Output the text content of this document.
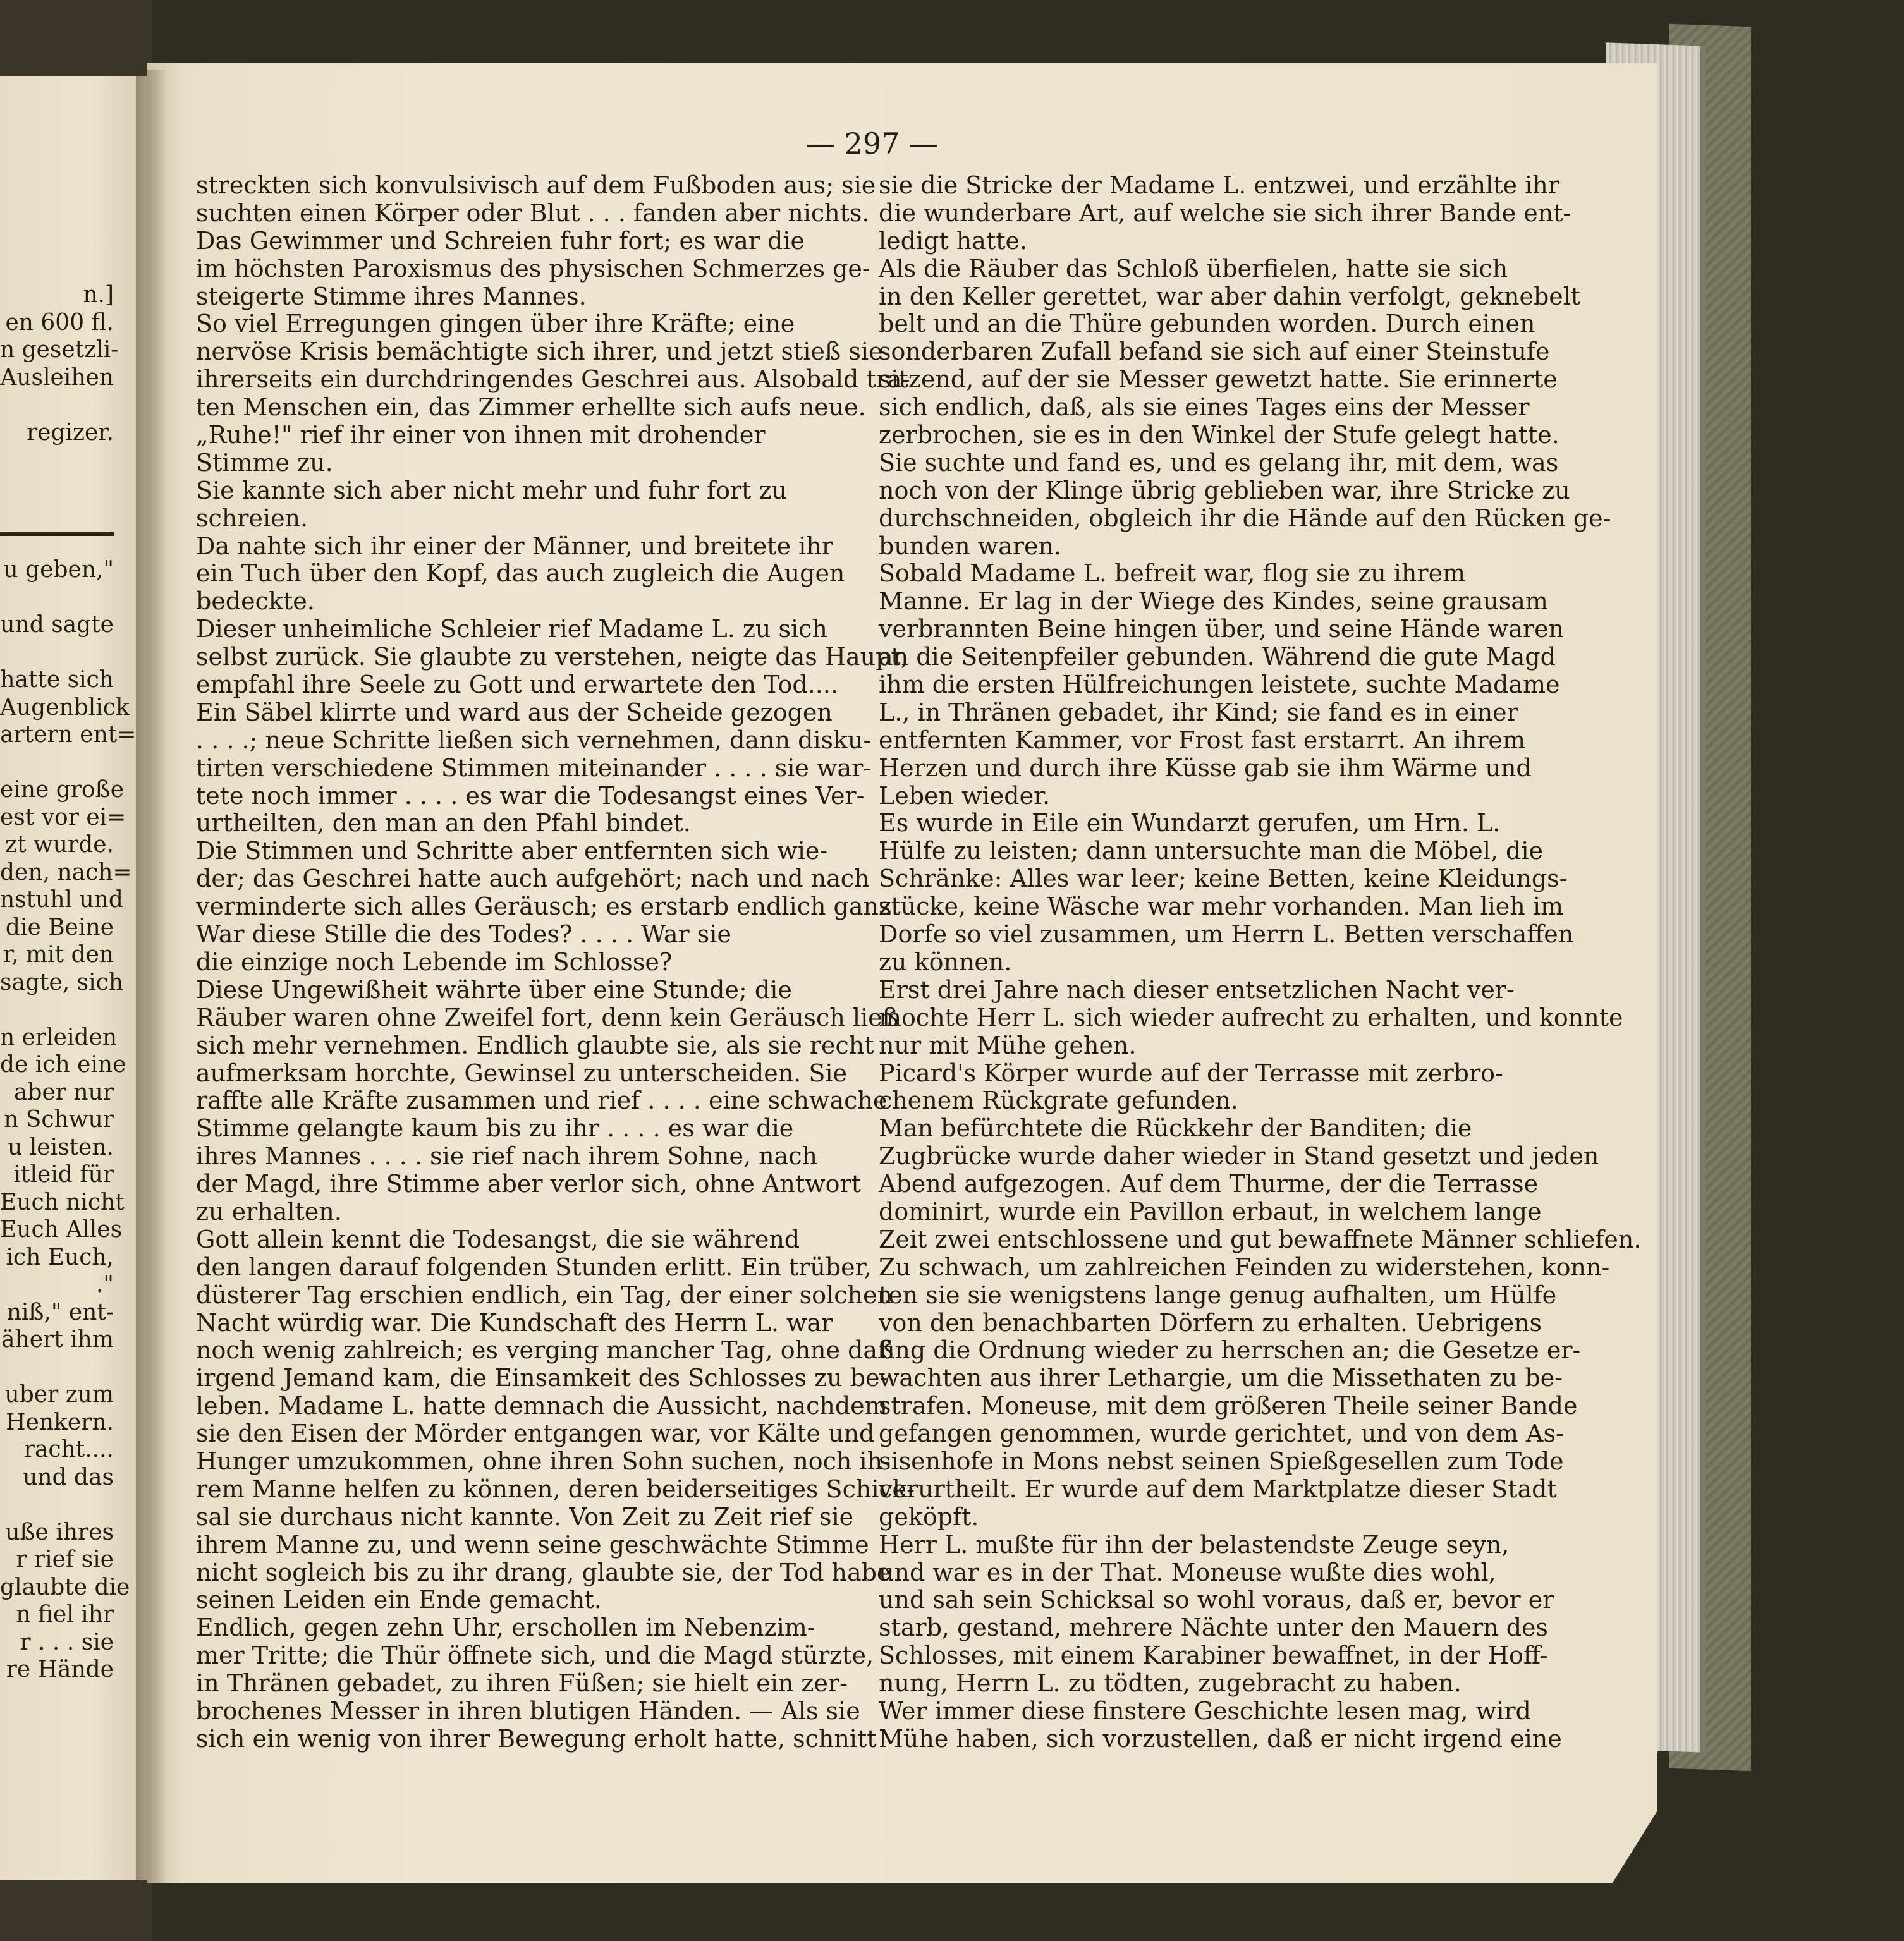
n.]
en 600 fl.
n gesetzli-
Ausleihen
regizer.
u geben,"
und sagte
hatte sich
Augenblick
artern ent=
eine große
est vor ei=
zt wurde.
den, nach=
nstuhl und
die Beine
r, mit den
sagte, sich
n erleiden
de ich eine
aber nur
n Schwur
u leisten.
itleid für
Euch nicht
Euch Alles
ich Euch,
."
niß," ent-
ähert ihm
uber zum
Henkern.
racht....
und das
uße ihres
r rief sie
glaubte die
n fiel ihr
r . . . sie
re Hände
— 297 —
streckten sich konvulsivisch auf dem Fußboden aus; sie
suchten einen Körper oder Blut . . . fanden aber nichts.
Das Gewimmer und Schreien fuhr fort; es war die
im höchsten Paroxismus des physischen Schmerzes ge-
steigerte Stimme ihres Mannes.
So viel Erregungen gingen über ihre Kräfte; eine
nervöse Krisis bemächtigte sich ihrer, und jetzt stieß sie
ihrerseits ein durchdringendes Geschrei aus. Alsobald tra-
ten Menschen ein, das Zimmer erhellte sich aufs neue.
„Ruhe!" rief ihr einer von ihnen mit drohender
Stimme zu.
Sie kannte sich aber nicht mehr und fuhr fort zu
schreien.
Da nahte sich ihr einer der Männer, und breitete ihr
ein Tuch über den Kopf, das auch zugleich die Augen
bedeckte.
Dieser unheimliche Schleier rief Madame L. zu sich
selbst zurück. Sie glaubte zu verstehen, neigte das Haupt,
empfahl ihre Seele zu Gott und erwartete den Tod....
Ein Säbel klirrte und ward aus der Scheide gezogen
. . . .; neue Schritte ließen sich vernehmen, dann disku-
tirten verschiedene Stimmen miteinander . . . . sie war-
tete noch immer . . . . es war die Todesangst eines Ver-
urtheilten, den man an den Pfahl bindet.
Die Stimmen und Schritte aber entfernten sich wie-
der; das Geschrei hatte auch aufgehört; nach und nach
verminderte sich alles Geräusch; es erstarb endlich ganz.
War diese Stille die des Todes? . . . . War sie
die einzige noch Lebende im Schlosse?
Diese Ungewißheit währte über eine Stunde; die
Räuber waren ohne Zweifel fort, denn kein Geräusch ließ
sich mehr vernehmen. Endlich glaubte sie, als sie recht
aufmerksam horchte, Gewinsel zu unterscheiden. Sie
raffte alle Kräfte zusammen und rief . . . . eine schwache
Stimme gelangte kaum bis zu ihr . . . . es war die
ihres Mannes . . . . sie rief nach ihrem Sohne, nach
der Magd, ihre Stimme aber verlor sich, ohne Antwort
zu erhalten.
Gott allein kennt die Todesangst, die sie während
den langen darauf folgenden Stunden erlitt. Ein trüber,
düsterer Tag erschien endlich, ein Tag, der einer solchen
Nacht würdig war. Die Kundschaft des Herrn L. war
noch wenig zahlreich; es verging mancher Tag, ohne daß
irgend Jemand kam, die Einsamkeit des Schlosses zu be-
leben. Madame L. hatte demnach die Aussicht, nachdem
sie den Eisen der Mörder entgangen war, vor Kälte und
Hunger umzukommen, ohne ihren Sohn suchen, noch ih-
rem Manne helfen zu können, deren beiderseitiges Schick-
sal sie durchaus nicht kannte. Von Zeit zu Zeit rief sie
ihrem Manne zu, und wenn seine geschwächte Stimme
nicht sogleich bis zu ihr drang, glaubte sie, der Tod habe
seinen Leiden ein Ende gemacht.
Endlich, gegen zehn Uhr, erschollen im Nebenzim-
mer Tritte; die Thür öffnete sich, und die Magd stürzte,
in Thränen gebadet, zu ihren Füßen; sie hielt ein zer-
brochenes Messer in ihren blutigen Händen. — Als sie
sich ein wenig von ihrer Bewegung erholt hatte, schnitt
sie die Stricke der Madame L. entzwei, und erzählte ihr
die wunderbare Art, auf welche sie sich ihrer Bande ent-
ledigt hatte.
Als die Räuber das Schloß überfielen, hatte sie sich
in den Keller gerettet, war aber dahin verfolgt, geknebelt
belt und an die Thüre gebunden worden. Durch einen
sonderbaren Zufall befand sie sich auf einer Steinstufe
sitzend, auf der sie Messer gewetzt hatte. Sie erinnerte
sich endlich, daß, als sie eines Tages eins der Messer
zerbrochen, sie es in den Winkel der Stufe gelegt hatte.
Sie suchte und fand es, und es gelang ihr, mit dem, was
noch von der Klinge übrig geblieben war, ihre Stricke zu
durchschneiden, obgleich ihr die Hände auf den Rücken ge-
bunden waren.
Sobald Madame L. befreit war, flog sie zu ihrem
Manne. Er lag in der Wiege des Kindes, seine grausam
verbrannten Beine hingen über, und seine Hände waren
an die Seitenpfeiler gebunden. Während die gute Magd
ihm die ersten Hülfreichungen leistete, suchte Madame
L., in Thränen gebadet, ihr Kind; sie fand es in einer
entfernten Kammer, vor Frost fast erstarrt. An ihrem
Herzen und durch ihre Küsse gab sie ihm Wärme und
Leben wieder.
Es wurde in Eile ein Wundarzt gerufen, um Hrn. L.
Hülfe zu leisten; dann untersuchte man die Möbel, die
Schränke: Alles war leer; keine Betten, keine Kleidungs-
stücke, keine Wäsche war mehr vorhanden. Man lieh im
Dorfe so viel zusammen, um Herrn L. Betten verschaffen
zu können.
Erst drei Jahre nach dieser entsetzlichen Nacht ver-
mochte Herr L. sich wieder aufrecht zu erhalten, und konnte
nur mit Mühe gehen.
Picard's Körper wurde auf der Terrasse mit zerbro-
chenem Rückgrate gefunden.
Man befürchtete die Rückkehr der Banditen; die
Zugbrücke wurde daher wieder in Stand gesetzt und jeden
Abend aufgezogen. Auf dem Thurme, der die Terrasse
dominirt, wurde ein Pavillon erbaut, in welchem lange
Zeit zwei entschlossene und gut bewaffnete Männer schliefen.
Zu schwach, um zahlreichen Feinden zu widerstehen, konn-
ten sie sie wenigstens lange genug aufhalten, um Hülfe
von den benachbarten Dörfern zu erhalten. Uebrigens
fing die Ordnung wieder zu herrschen an; die Gesetze er-
wachten aus ihrer Lethargie, um die Missethaten zu be-
strafen. Moneuse, mit dem größeren Theile seiner Bande
gefangen genommen, wurde gerichtet, und von dem As-
sisenhofe in Mons nebst seinen Spießgesellen zum Tode
verurtheilt. Er wurde auf dem Marktplatze dieser Stadt
geköpft.
Herr L. mußte für ihn der belastendste Zeuge seyn,
und war es in der That. Moneuse wußte dies wohl,
und sah sein Schicksal so wohl voraus, daß er, bevor er
starb, gestand, mehrere Nächte unter den Mauern des
Schlosses, mit einem Karabiner bewaffnet, in der Hoff-
nung, Herrn L. zu tödten, zugebracht zu haben.
Wer immer diese finstere Geschichte lesen mag, wird
Mühe haben, sich vorzustellen, daß er nicht irgend eine
